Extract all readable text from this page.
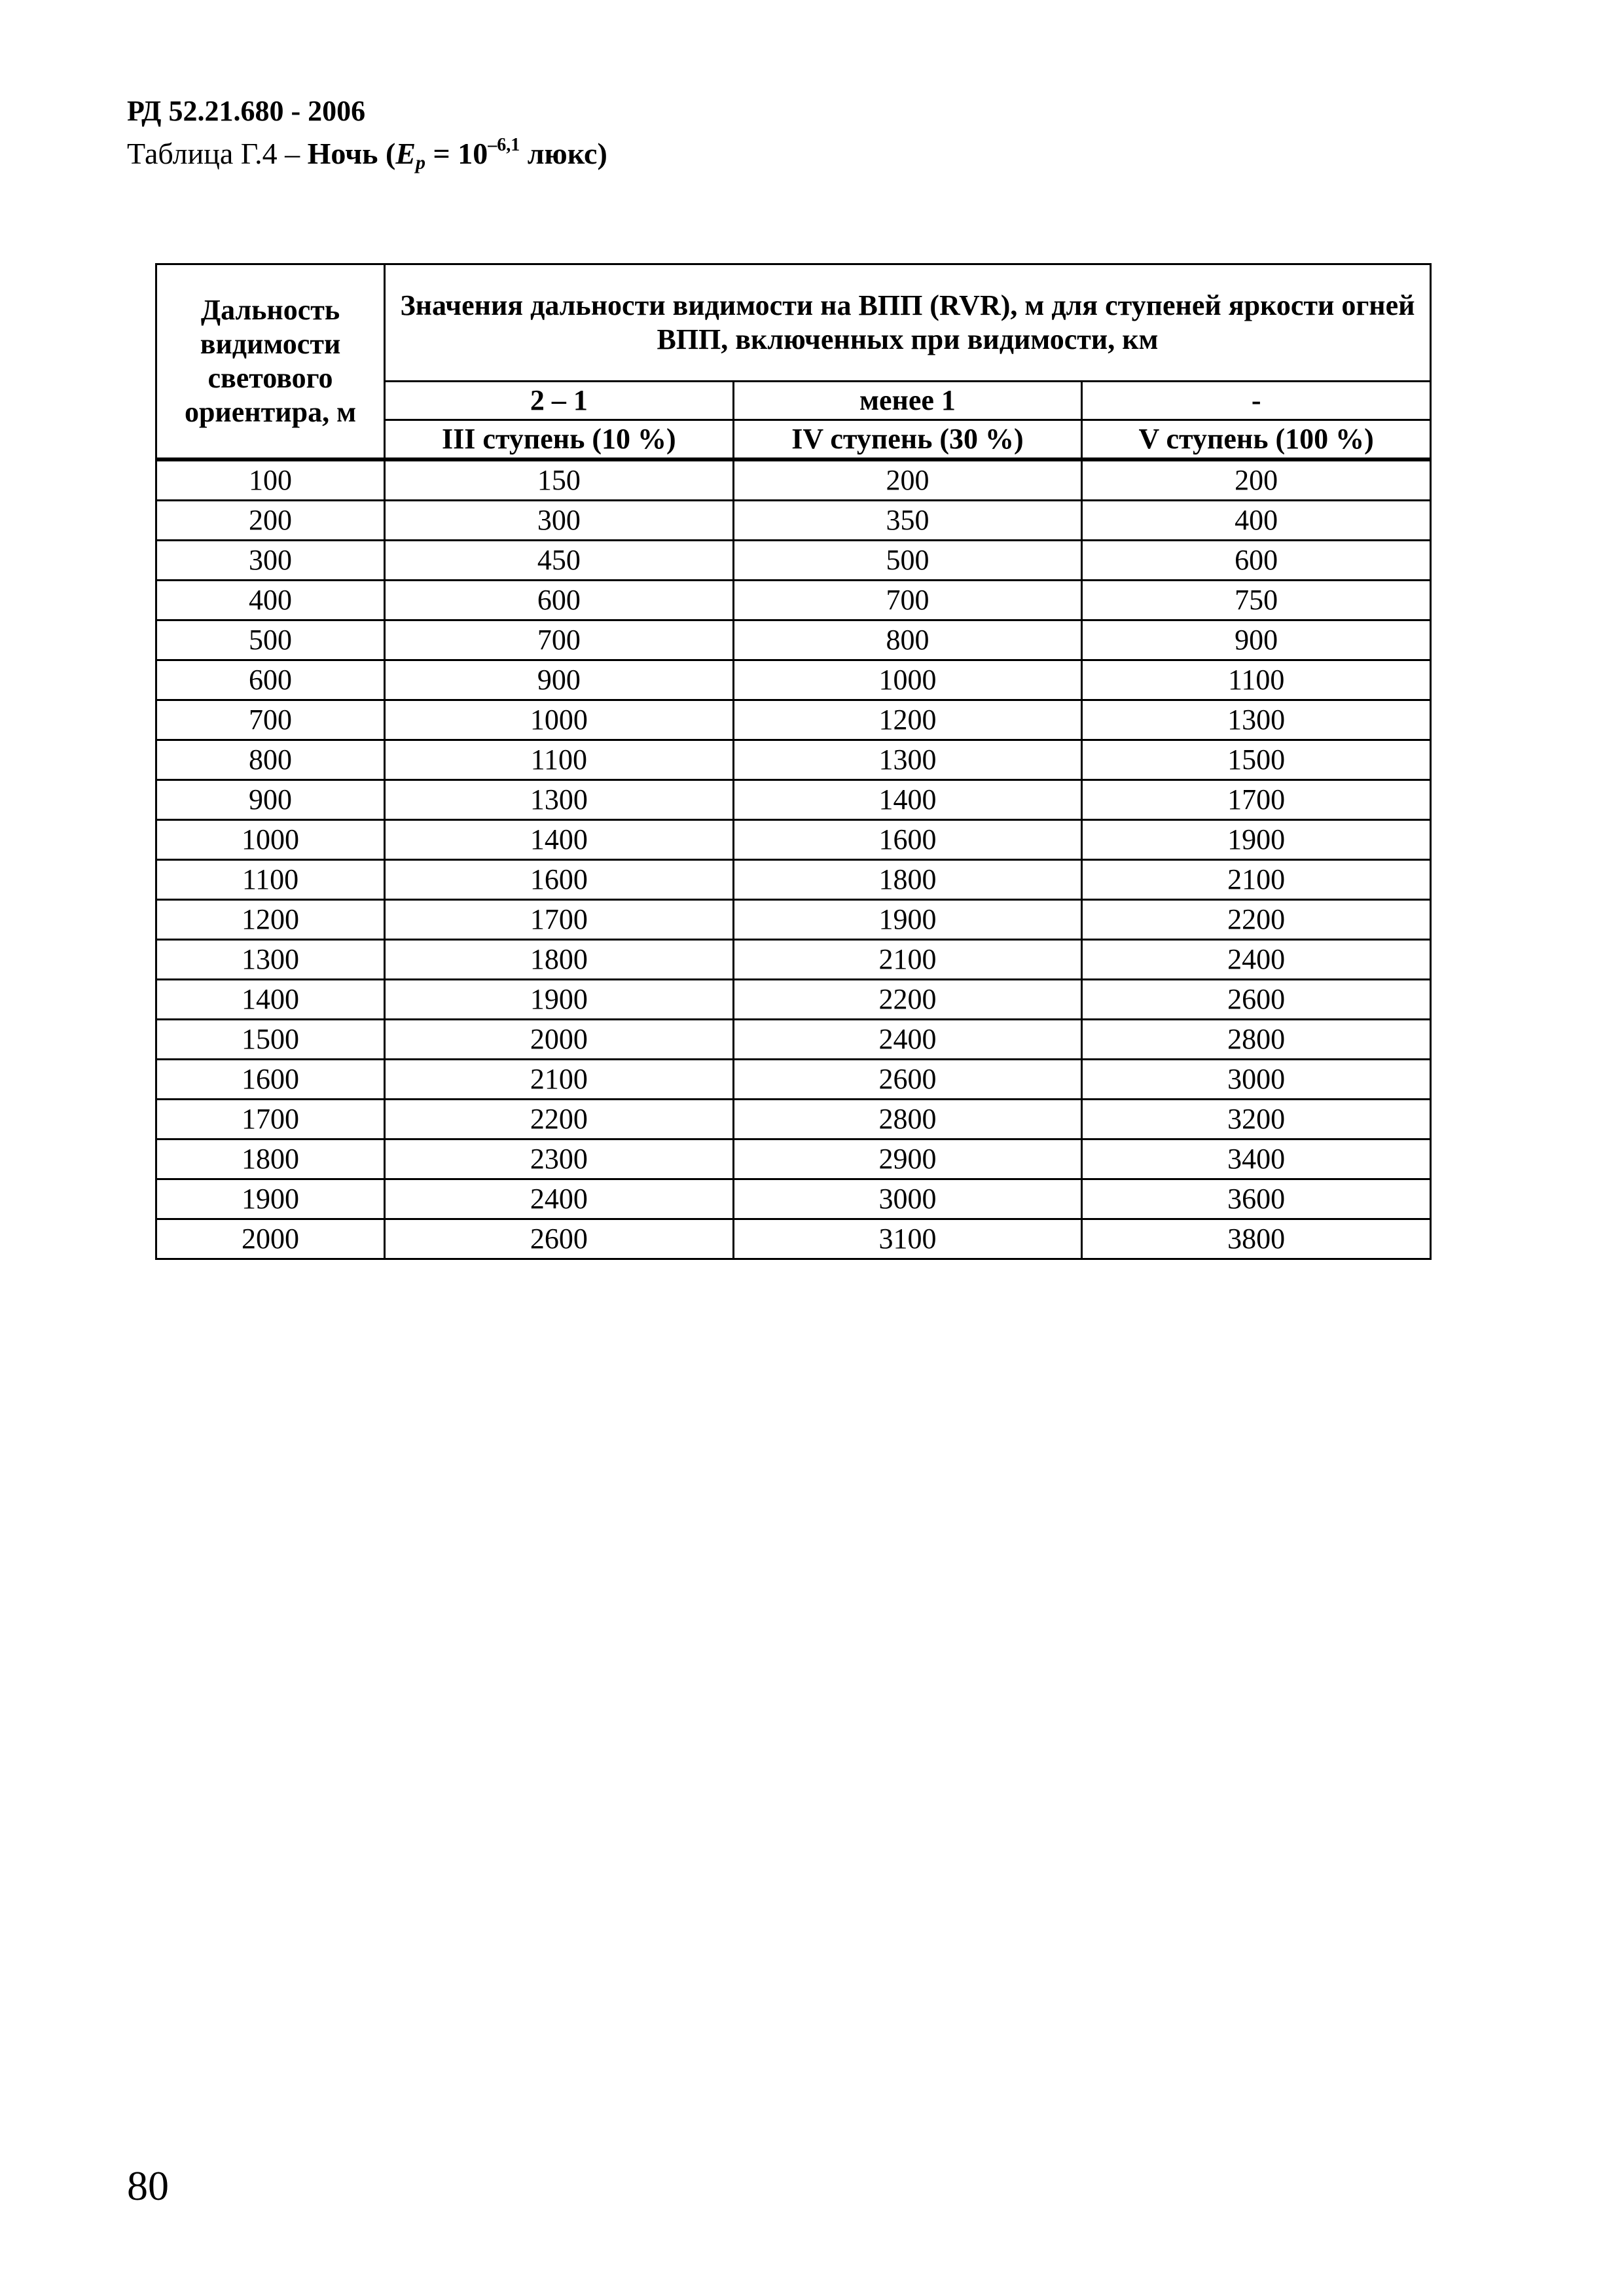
РД 52.21.680 - 2006
Таблица Г.4 – Ночь ($E_p = 10^{-6,1}$ люкс)
Дальность видимости светового ориентира, м	Значения дальности видимости на ВПП (RVR), м для ступеней яркости огней ВПП, включенных при видимости, км		
	2 – 1	менее 1	-
	III ступень (10 %)	IV ступень (30 %)	V ступень (100 %)
100	150	200	200
200	300	350	400
300	450	500	600
400	600	700	750
500	700	800	900
600	900	1000	1100
700	1000	1200	1300
800	1100	1300	1500
900	1300	1400	1700
1000	1400	1600	1900
1100	1600	1800	2100
1200	1700	1900	2200
1300	1800	2100	2400
1400	1900	2200	2600
1500	2000	2400	2800
1600	2100	2600	3000
1700	2200	2800	3200
1800	2300	2900	3400
1900	2400	3000	3600
2000	2600	3100	3800
80
